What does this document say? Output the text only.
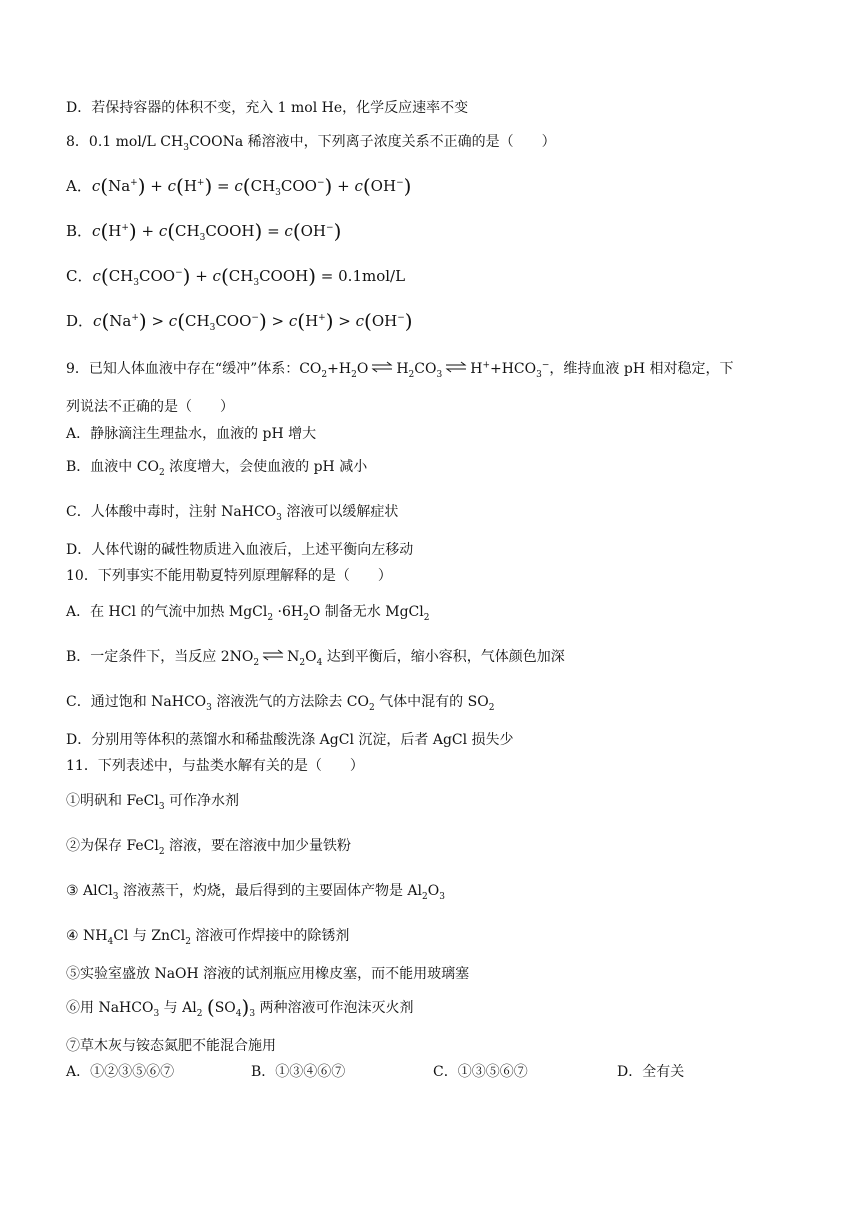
D．若保持容器的体积不变，充入 1 mol He，化学反应速率不变
8．0.1 mol/L $CH_3COONa$ 稀溶液中，下列离子浓度关系不正确的是（ ）
A．$c(Na^+) + c(H^+) = c(CH_3COO^-) + c(OH^-)$
B．$c(H^+) + c(CH_3COOH) = c(OH^-)$
C．$c(CH_3COO^-)$ + $c(CH_3COOH) = 0.1mol/L$
D．$c(Na^+) > c(CH_3COO^-) > c(H^+) > c(OH^-)$
9．已知人体血液中存在“缓冲”体系：$CO_2+H_2O$ ⇌ $H_2CO_3$ ⇌ $H^++HCO_3^-$，维持血液 pH 相对稳定，下
列说法不正确的是（ ）
A．静脉滴注生理盐水，血液的 pH 增大
B．血液中 $CO_2$ 浓度增大，会使血液的 pH 减小
C．人体酸中毒时，注射 NaHCO$_3$ 溶液可以缓解症状
D．人体代谢的碱性物质进入血液后，上述平衡向左移动
10．下列事实不能用勒夏特列原理解释的是（ ）
A．在 HCl 的气流中加热 MgCl$_2$ $\cdot 6H_2O$ 制备无水 MgCl$_2$
B．一定条件下，当反应 $2NO_2$ ⇌ $N_2O_4$ 达到平衡后，缩小容积，气体颜色加深
C．通过饱和 NaHCO$_3$ 溶液洗气的方法除去 $CO_2$ 气体中混有的 $SO_2$
D．分别用等体积的蒸馏水和稀盐酸洗涤 AgCl 沉淀，后者 AgCl 损失少
11．下列表述中，与盐类水解有关的是（ ）
①明矾和 FeCl$_3$ 可作净水剂
②为保存 FeCl$_2$ 溶液，要在溶液中加少量铁粉
③ AlCl$_3$ 溶液蒸干，灼烧，最后得到的主要固体产物是 $Al_2O_3$
④ $NH_4Cl$ 与 ZnCl$_2$ 溶液可作焊接中的除锈剂
⑤实验室盛放 NaOH 溶液的试剂瓶应用橡皮塞，而不能用玻璃塞
⑥用 NaHCO$_3$ 与 $Al_2$ $(SO_4)_3$ 两种溶液可作泡沫灭火剂
⑦草木灰与铵态氮肥不能混合施用
A．①②③⑤⑥⑦	B．①③④⑥⑦	C．①③⑤⑥⑦	D．全有关
